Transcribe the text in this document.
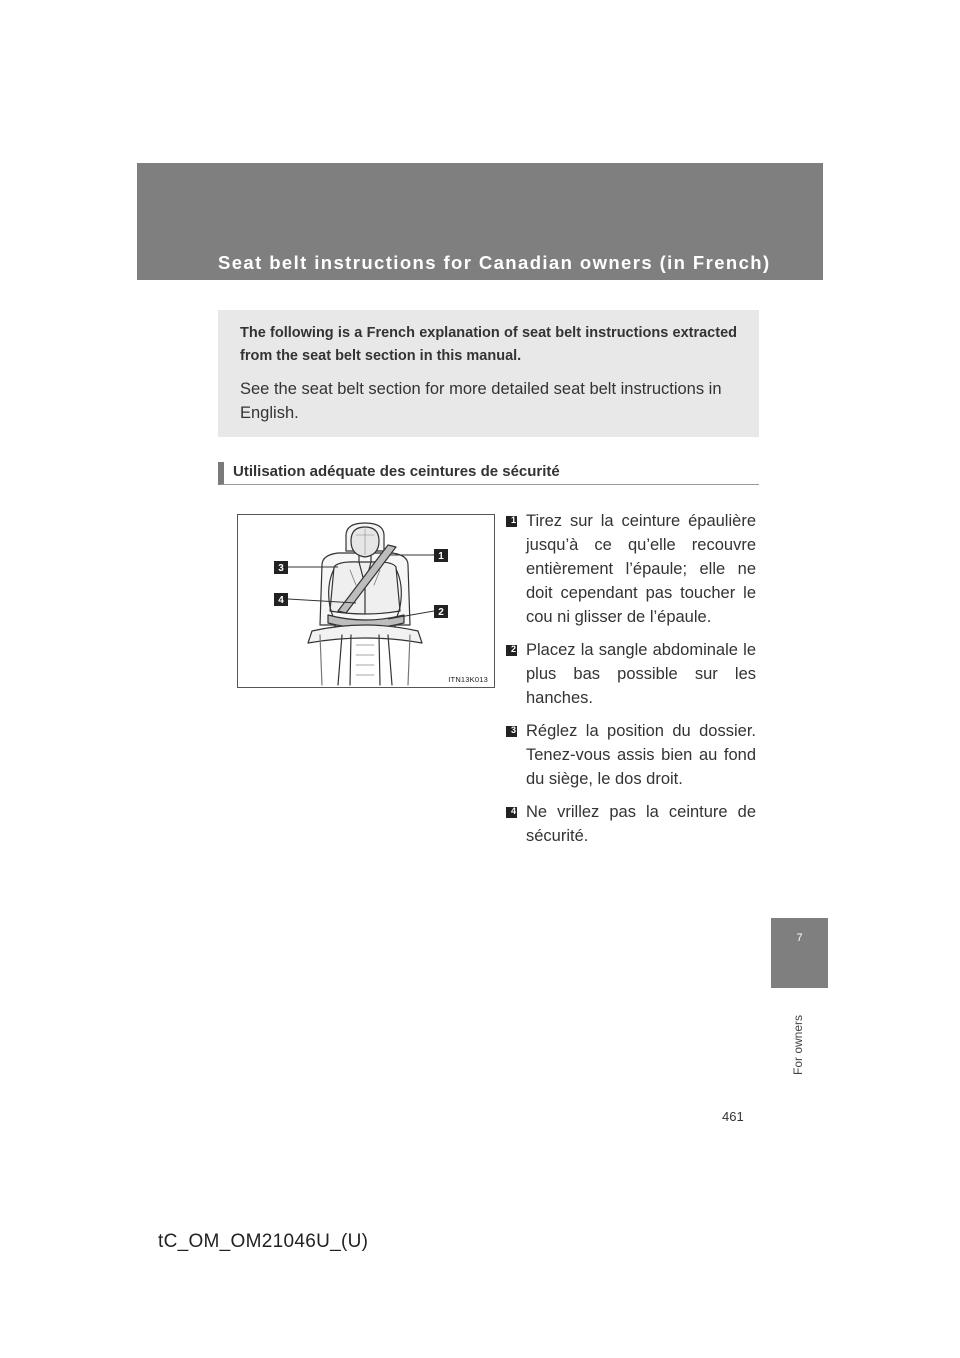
Seat belt instructions for Canadian owners (in French)
The following is a French explanation of seat belt instructions extracted from the seat belt section in this manual.
See the seat belt section for more detailed seat belt instructions in English.
Utilisation adéquate des ceintures de sécurité
3
4
1
2
ITN13K013
1 Tirez sur la ceinture épaulière jusqu’à ce qu’elle recouvre entièrement l’épaule; elle ne doit cependant pas toucher le cou ni glisser de l’épaule.
2 Placez la sangle abdominale le plus bas possible sur les hanches.
3 Réglez la position du dossier. Tenez-vous assis bien au fond du siège, le dos droit.
4 Ne vrillez pas la ceinture de sécurité.
7
For owners
461
tC_OM_OM21046U_(U)
